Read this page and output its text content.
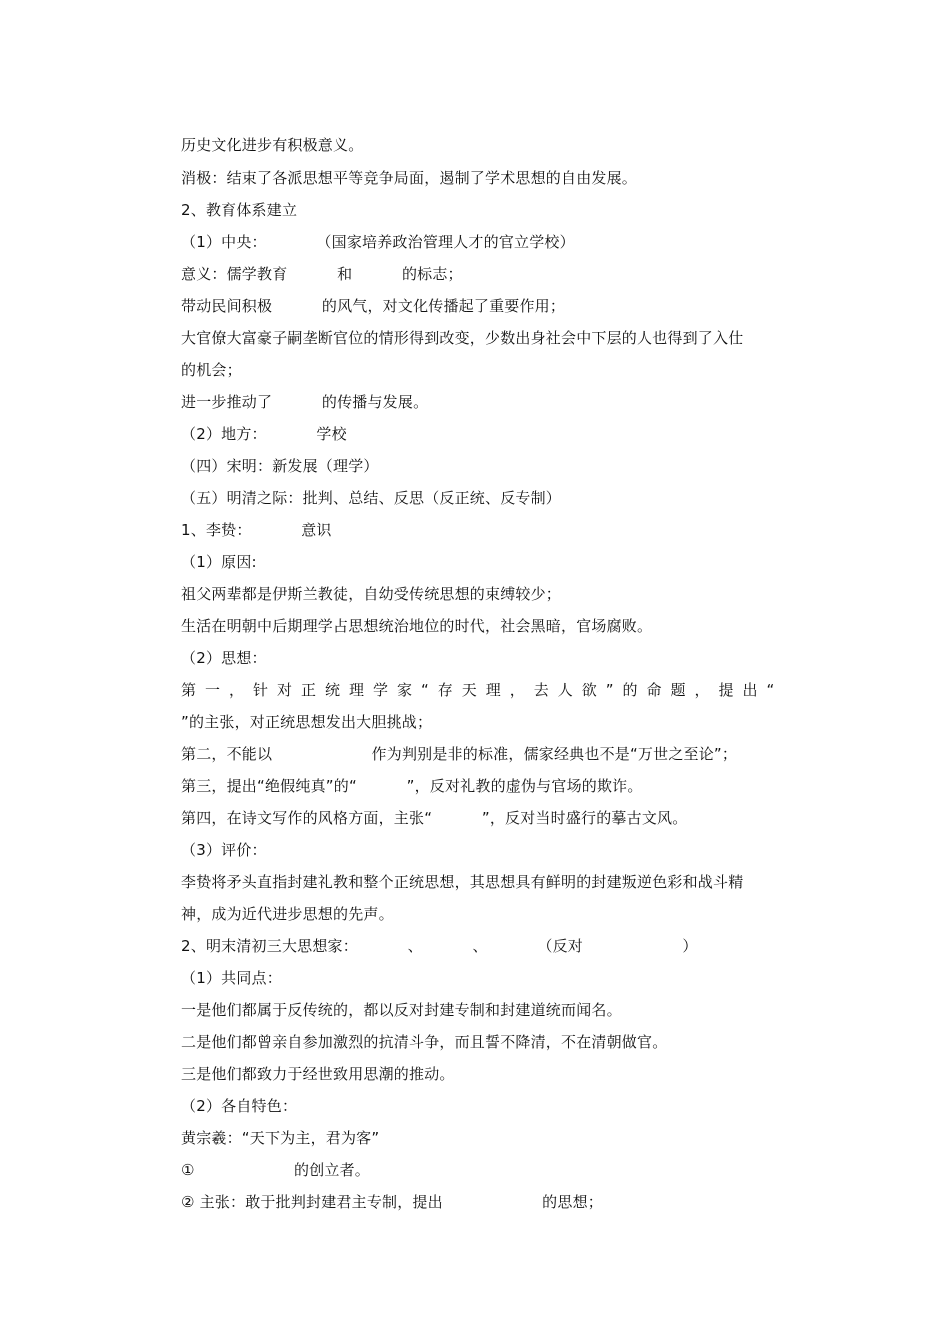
历史文化进步有积极意义。
消极：结束了各派思想平等竞争局面，遏制了学术思想的自由发展。
2、教育体系建立
（1）中央：          （国家培养政治管理人才的官立学校）
意义：儒学教育          和          的标志；
带动民间积极          的风气，对文化传播起了重要作用；
大官僚大富豪子嗣垄断官位的情形得到改变，少数出身社会中下层的人也得到了入仕
的机会；
进一步推动了          的传播与发展。
（2）地方：          学校
（四）宋明：新发展（理学）
（五）明清之际：批判、总结、反思（反正统、反专制）
1、李贽：          意识
（1）原因:
祖父两辈都是伊斯兰教徒，自幼受传统思想的束缚较少；
生活在明朝中后期理学占思想统治地位的时代，社会黑暗，官场腐败。
（2）思想：
第一，针对正统理学家“存天理，去人欲”的命题，提出“
”的主张，对正统思想发出大胆挑战；
第二，不能以                    作为判别是非的标准，儒家经典也不是“万世之至论”；
第三，提出“绝假纯真”的“          ”，反对礼教的虚伪与官场的欺诈。
第四，在诗文写作的风格方面，主张“          ”，反对当时盛行的摹古文风。
（3）评价：
李贽将矛头直指封建礼教和整个正统思想，其思想具有鲜明的封建叛逆色彩和战斗精
神，成为近代进步思想的先声。
2、明末清初三大思想家：          、          、          （反对                    ）
（1）共同点：
一是他们都属于反传统的，都以反对封建专制和封建道统而闻名。
二是他们都曾亲自参加激烈的抗清斗争，而且誓不降清，不在清朝做官。
三是他们都致力于经世致用思潮的推动。
（2）各自特色：
黄宗羲：“天下为主，君为客”
①                    的创立者。
② 主张：敢于批判封建君主专制，提出                    的思想；
